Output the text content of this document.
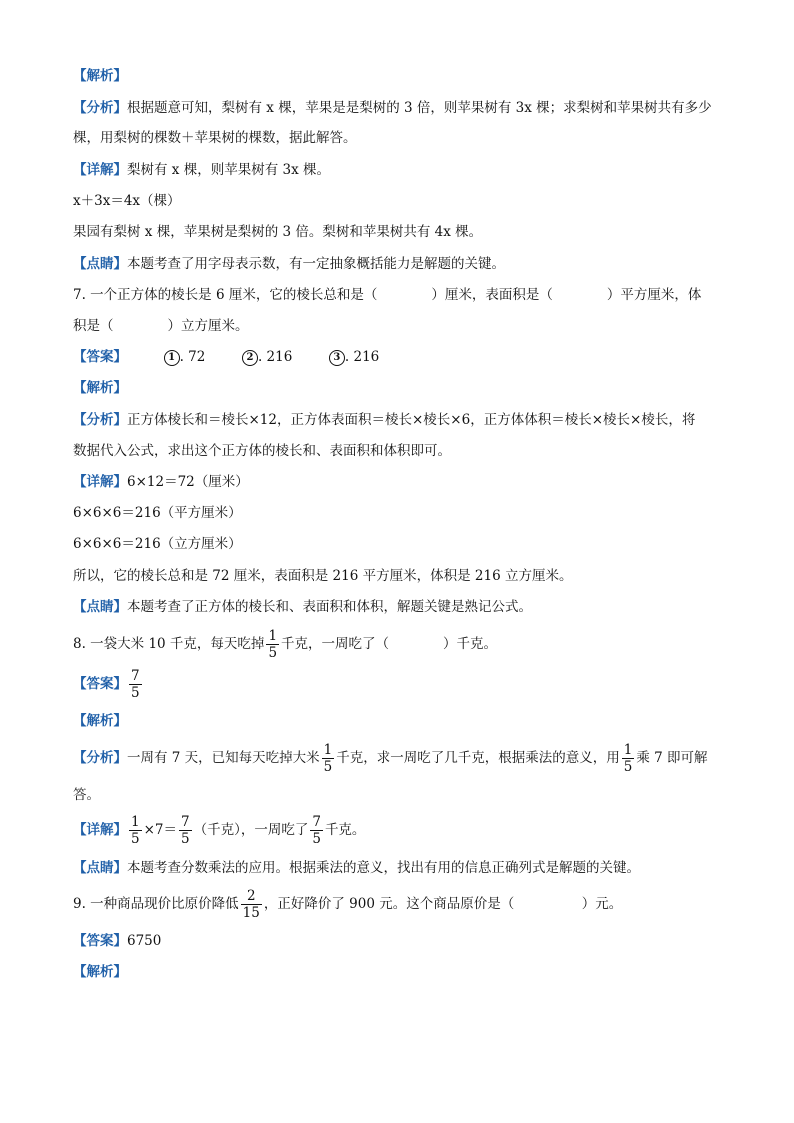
【解析】
【分析】根据题意可知，梨树有 x 棵，苹果是是梨树的 3 倍，则苹果树有 3x 棵；求梨树和苹果树共有多少
棵，用梨树的棵数＋苹果树的棵数，据此解答。
【详解】梨树有 x 棵，则苹果树有 3x 棵。
x＋3x＝4x（棵）
果园有梨树 x 棵，苹果树是梨树的 3 倍。梨树和苹果树共有 4x 棵。
【点睛】本题考查了用字母表示数，有一定抽象概括能力是解题的关键。
7. 一个正方体的棱长是 6 厘米，它的棱长总和是（　　　　）厘米，表面积是（　　　　）平方厘米，体
积是（　　　　）立方厘米。
【答案】	1 . 72	2 . 216	3 . 216
【解析】
【分析】正方体棱长和＝棱长×12，正方体表面积＝棱长×棱长×6，正方体体积＝棱长×棱长×棱长，将
数据代入公式，求出这个正方体的棱长和、表面积和体积即可。
【详解】6×12＝72（厘米）
6×6×6＝216（平方厘米）
6×6×6＝216（立方厘米）
所以，它的棱长总和是 72 厘米，表面积是 216 平方厘米，体积是 216 立方厘米。
【点睛】本题考查了正方体的棱长和、表面积和体积，解题关键是熟记公式。
8. 一袋大米 10 千克，每天吃掉 $\frac{1}{5}$ 千克，一周吃了（　　　　）千克。
【答案】 $\frac{7}{5}$
【解析】
【分析】一周有 7 天，已知每天吃掉大米 $\frac{1}{5}$ 千克，求一周吃了几千克，根据乘法的意义，用 $\frac{1}{5}$ 乘 7 即可解
答。
【详解】 $\frac{1}{5} \times 7= \frac{7}{5}$ （千克），一周吃了 $\frac{7}{5}$ 千克。
【点睛】本题考查分数乘法的应用。根据乘法的意义，找出有用的信息正确列式是解题的关键。
9. 一种商品现价比原价降低 $\frac{2}{15}$ ，正好降价了 900 元。这个商品原价是（　　　　　）元。
【答案】6750
【解析】
